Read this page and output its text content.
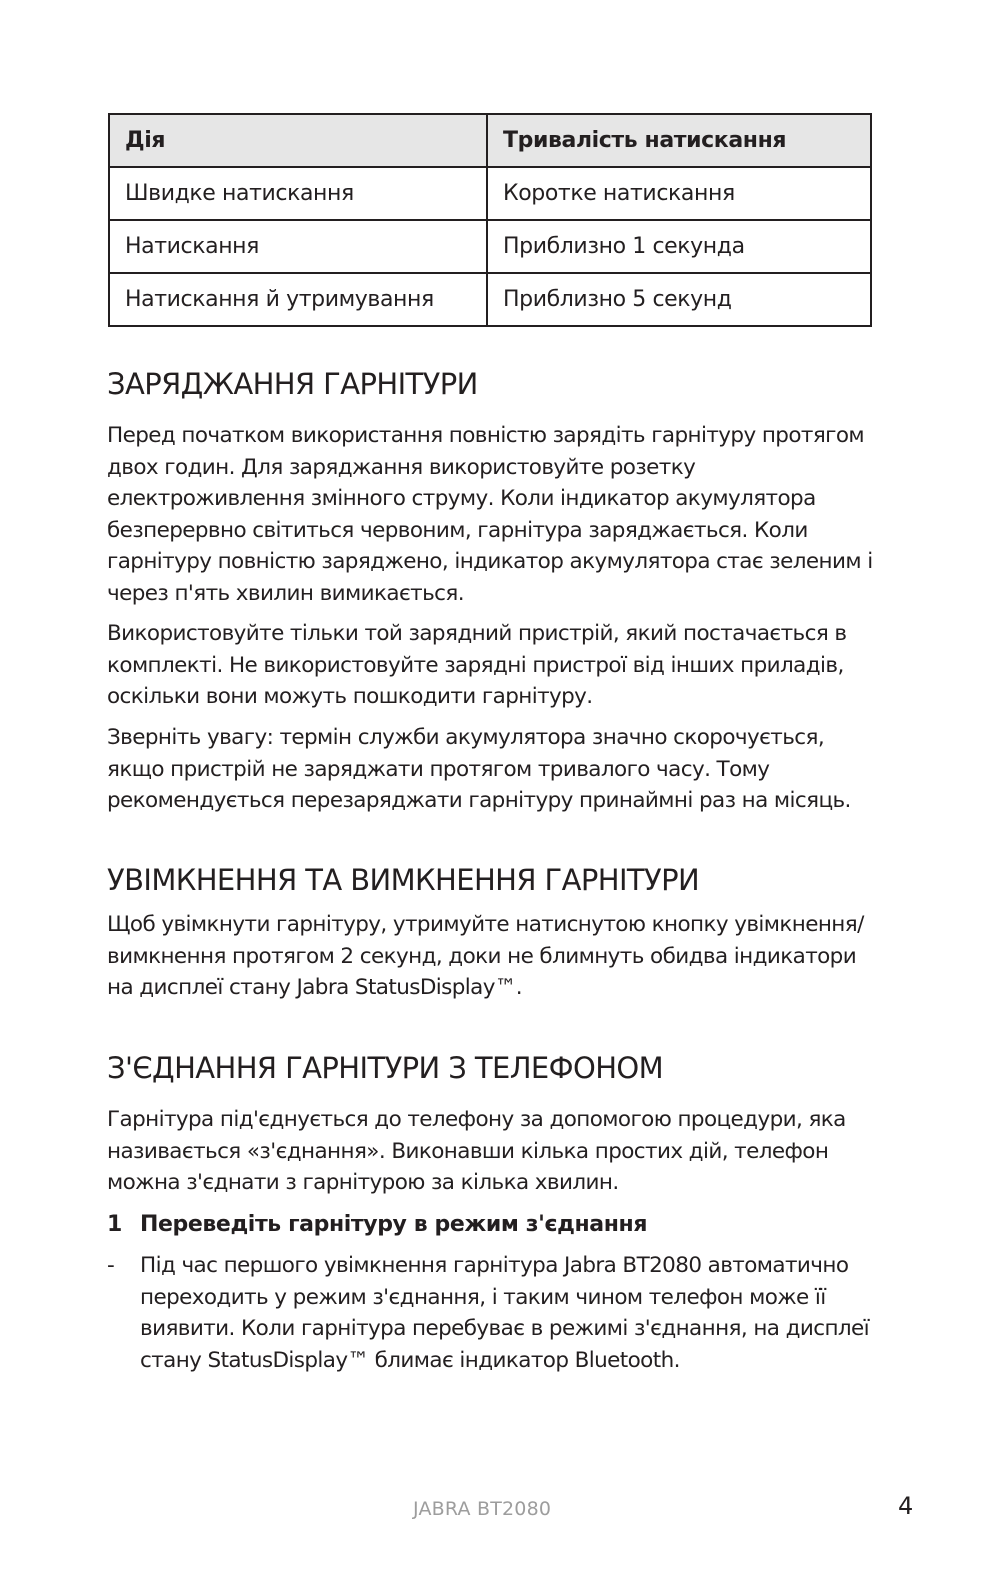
Дія	Тривалість натискання
Швидке натискання	Коротке натискання
Натискання	Приблизно 1 секунда
Натискання й утримування	Приблизно 5 секунд
ЗАРЯДЖАННЯ ГАРНІТУРИ

Перед початком використання повністю зарядіть гарнітуру протягом двох годин. Для заряджання використовуйте розетку електроживлення змінного струму. Коли індикатор акумулятора безперервно світиться червоним, гарнітура заряджається. Коли гарнітуру повністю заряджено, індикатор акумулятора стає зеленим і через п'ять хвилин вимикається.

Використовуйте тільки той зарядний пристрій, який постачається в комплекті. Не використовуйте зарядні пристрої від інших приладів, оскільки вони можуть пошкодити гарнітуру.

Зверніть увагу: термін служби акумулятора значно скорочується, якщо пристрій не заряджати протягом тривалого часу. Тому рекомендується перезаряджати гарнітуру принаймні раз на місяць.

УВІМКНЕННЯ ТА ВИМКНЕННЯ ГАРНІТУРИ

Щоб увімкнути гарнітуру, утримуйте натиснутою кнопку увімкнення/вимкнення протягом 2 секунд, доки не блимнуть обидва індикатори на дисплеї стану Jabra StatusDisplay™.

З'ЄДНАННЯ ГАРНІТУРИ З ТЕЛЕФОНОМ

Гарнітура під'єднується до телефону за допомогою процедури, яка називається «з'єднання». Виконавши кілька простих дій, телефон можна з'єднати з гарнітурою за кілька хвилин.

1 Переведіть гарнітуру в режим з'єднання
- Під час першого увімкнення гарнітура Jabra BT2080 автоматично переходить у режим з'єднання, і таким чином телефон може її виявити. Коли гарнітура перебуває в режимі з'єднання, на дисплеї стану StatusDisplay™ блимає індикатор Bluetooth.

JABRA BT2080	4
